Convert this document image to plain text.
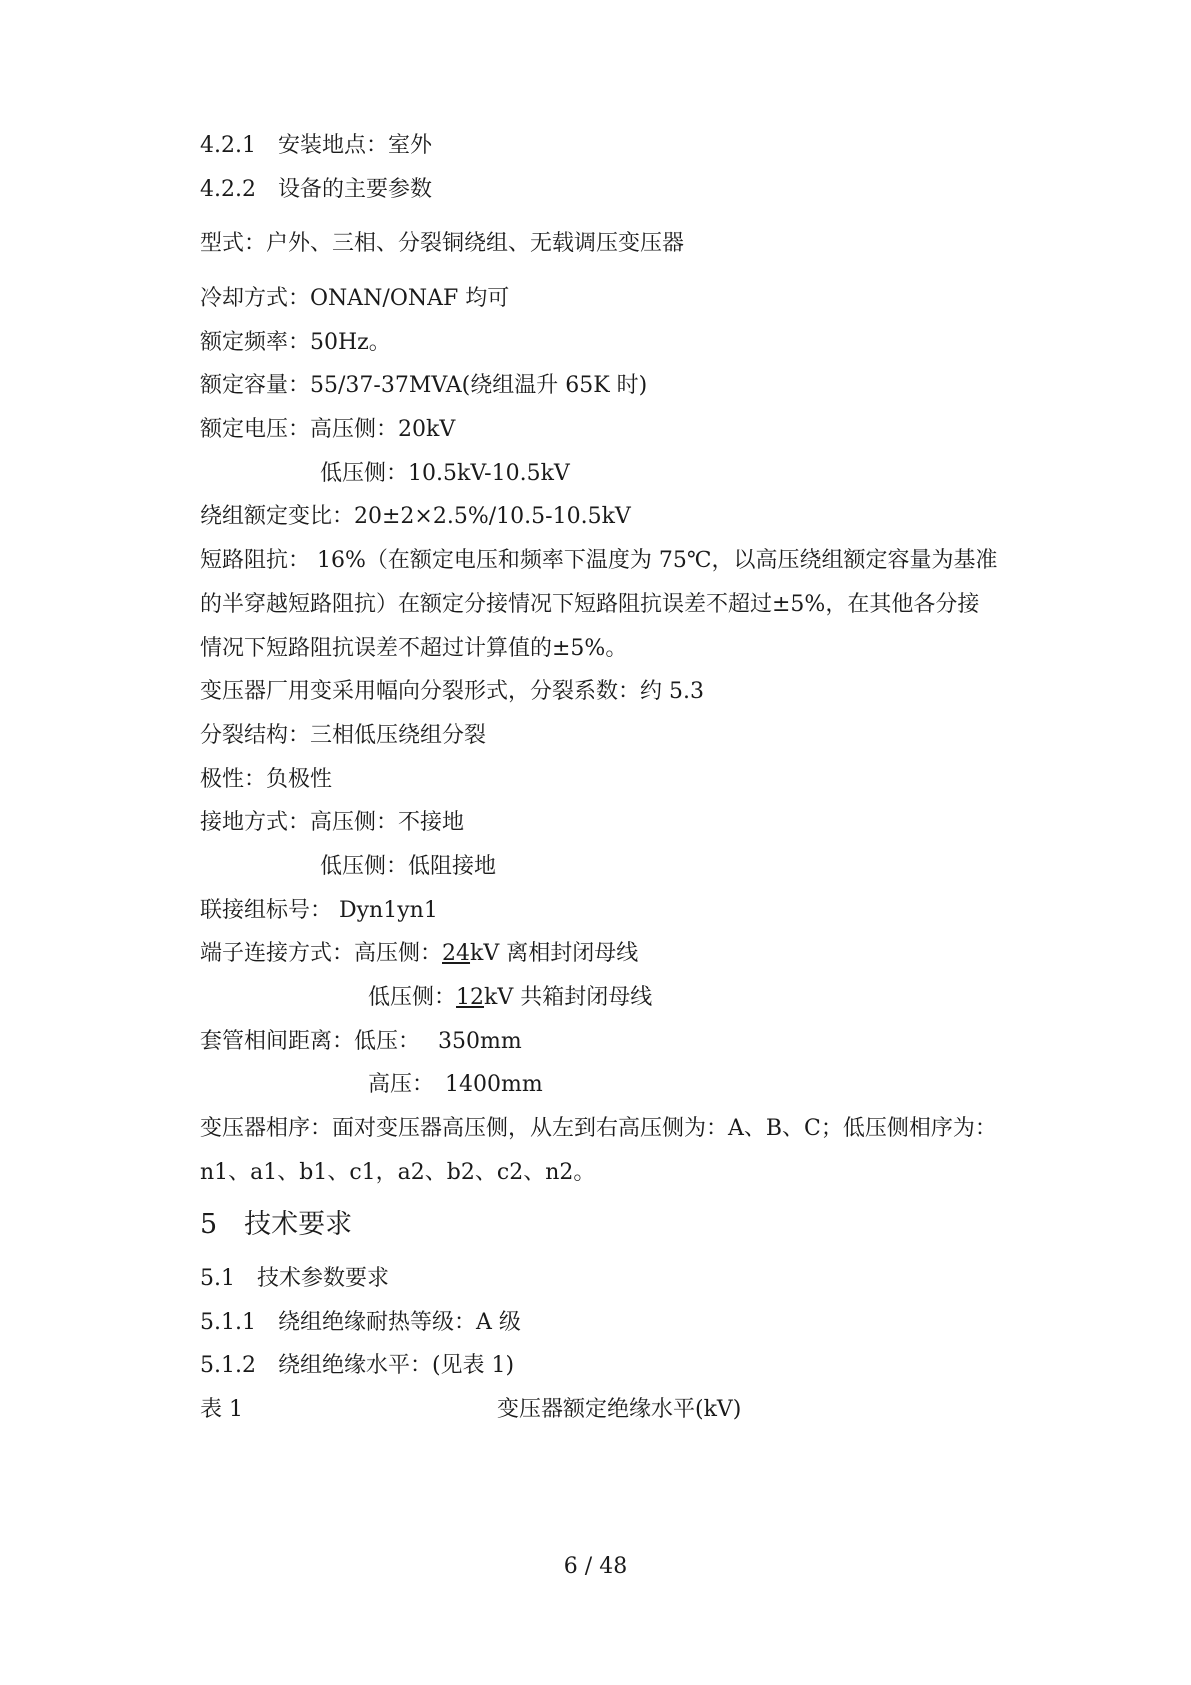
4.2.1　安装地点：室外
4.2.2　设备的主要参数
型式：户外、三相、分裂铜绕组、无载调压变压器
冷却方式：ONAN/ONAF 均可
额定频率：50Hz。
额定容量：55/37-37MVA(绕组温升 65K 时)
额定电压：高压侧：20kV
低压侧：10.5kV-10.5kV
绕组额定变比：20±2×2.5%/10.5-10.5kV
短路阻抗： 16%（在额定电压和频率下温度为 75℃，以高压绕组额定容量为基准
的半穿越短路阻抗）在额定分接情况下短路阻抗误差不超过±5%，在其他各分接
情况下短路阻抗误差不超过计算值的±5%。
变压器厂用变采用幅向分裂形式，分裂系数：约 5.3
分裂结构：三相低压绕组分裂
极性：负极性
接地方式：高压侧：不接地
低压侧：低阻接地
联接组标号： Dyn1yn1
端子连接方式：高压侧：24kV 离相封闭母线
低压侧：12kV 共箱封闭母线
套管相间距离：低压：　 350mm
高压：　1400mm
变压器相序：面对变压器高压侧，从左到右高压侧为：A、B、C；低压侧相序为：
n1、a1、b1、c1，a2、b2、c2、n2。
5　技术要求
5.1　技术参数要求
5.1.1　绕组绝缘耐热等级：A 级
5.1.2　绕组绝缘水平：(见表 1)
表 1	变压器额定绝缘水平(kV)
6 / 48
